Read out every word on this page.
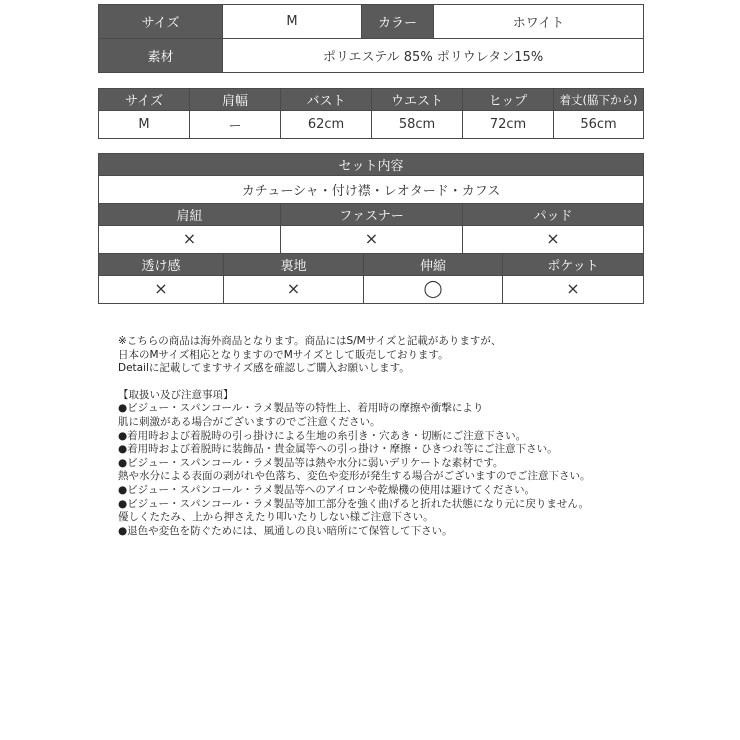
サイズ	M	カラー	ホワイト
素材	ポリエステル 85% ポリウレタン15%		
サイズ	肩幅	バスト	ウエスト	ヒップ	着丈(脇下から)
M	ー	62cm	58cm	72cm	56cm
セット内容					
カチューシャ・付け襟・レオタード・カフス					
肩紐		ファスナー		パッド	
×		×		×	
透け感	裏地		伸縮		ポケット
×	×		◯		×

※こちらの商品は海外商品となります。商品にはS/Mサイズと記載がありますが、

日本のMサイズ相応となりますのでMサイズとして販売しております。

Detailに記載してますサイズ感を確認しご購入お願いします。

【取扱い及び注意事項】

●ビジュー・スパンコール・ラメ製品等の特性上、着用時の摩擦や衝撃により

肌に刺激がある場合がございますのでご注意ください。

●着用時および着脱時の引っ掛けによる生地の糸引き・穴あき・切断にご注意下さい。

●着用時および着脱時に装飾品・貴金属等への引っ掛け・摩擦・ひきつれ等にご注意下さい。

●ビジュー・スパンコール・ラメ製品等は熱や水分に弱いデリケートな素材です。

熱や水分による表面の剥がれや色落ち、変色や変形が発生する場合がございますのでご注意下さい。

●ビジュー・スパンコール・ラメ製品等へのアイロンや乾燥機の使用は避けてください。

●ビジュー・スパンコール・ラメ製品等加工部分を強く曲げると折れた状態になり元に戻りません。

優しくたたみ、上から押さえたり叩いたりしない様ご注意下さい。

●退色や変色を防ぐためには、風通しの良い暗所にて保管して下さい。
